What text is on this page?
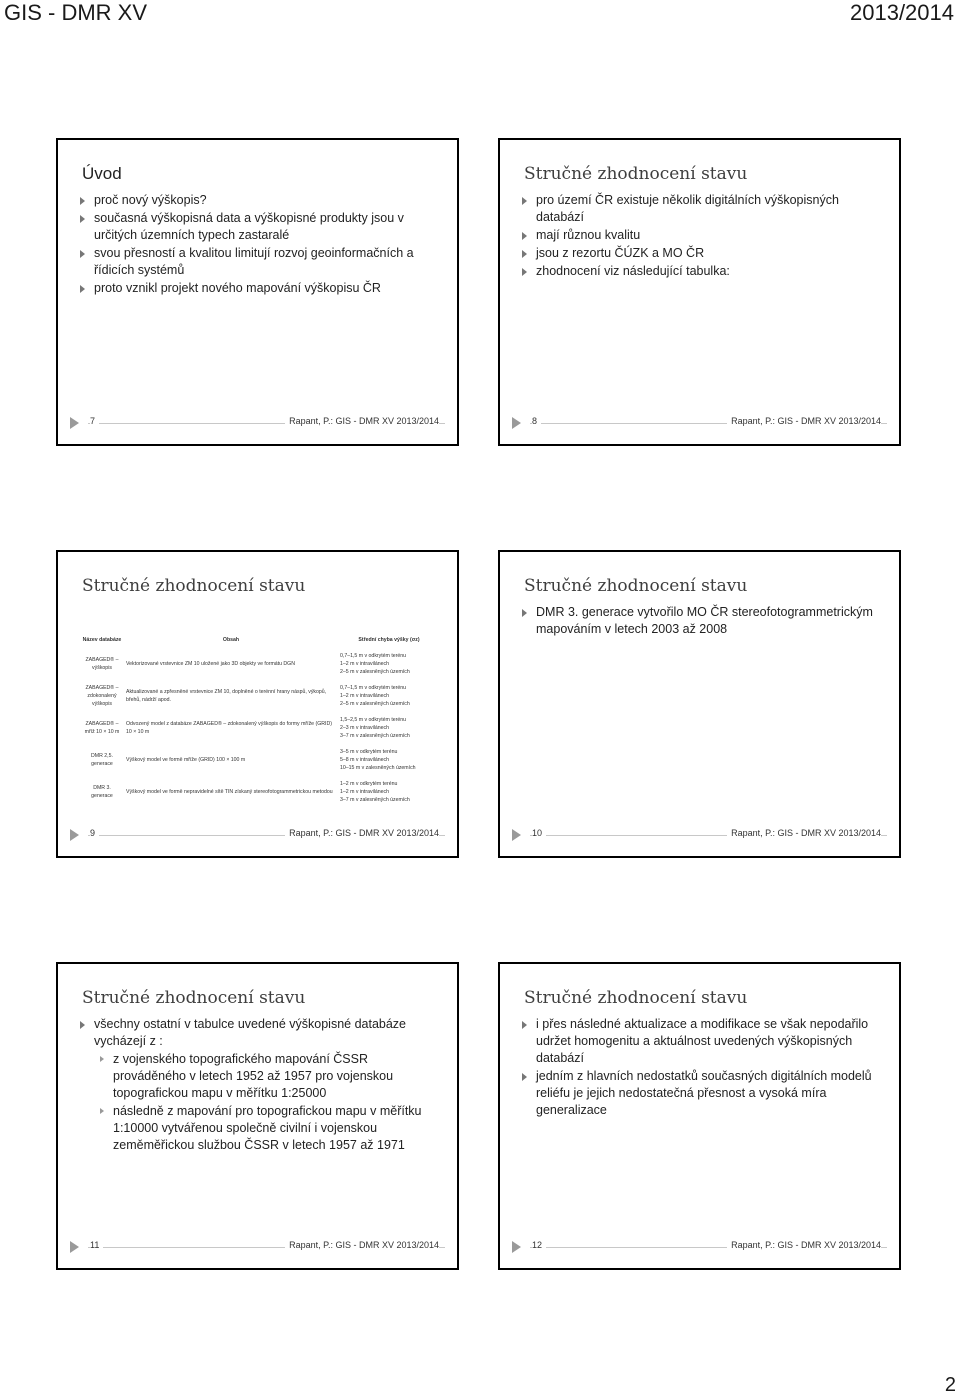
GIS - DMR XV	2013/2014
Úvod
proč nový výškopis?
současná výškopisná data a výškopisné produkty jsou v určitých územních typech zastaralé
svou přesností a kvalitou limitují rozvoj geoinformačních a řídicích systémů
proto vznikl projekt nového mapování výškopisu ČR
7	Rapant, P.: GIS - DMR XV 2013/2014
Stručné zhodnocení stavu
pro území ČR existuje několik digitálních výškopisných databází
mají různou kvalitu
jsou z rezortu ČÚZK a MO ČR
zhodnocení viz následující tabulka:
8	Rapant, P.: GIS - DMR XV 2013/2014
Stručné zhodnocení stavu
Název databáze	Obsah	Střední chyba výšky (σz)
ZABAGED® – výškopis	Vektorizované vrstevnice ZM 10 uložené jako 3D objekty ve formátu DGN	0,7–1,5 m v odkrytém terénu
1–2 m v intravilánech
2–5 m v zalesněných územích

ZABAGED® – zdokonalený výškopis	Aktualizované a zpřesněné vrstevnice ZM 10, doplněné o terénní hrany náspů, výkopů, břehů, nádrží apod.	0,7–1,5 m v odkrytém terénu
1–2 m v intravilánech
2–5 m v zalesněných územích

ZABAGED® – mříž 10 × 10 m	Odvozený model z databáze ZABAGED® – zdokonalený výškopis do formy mříže (GRID) 10 × 10 m	1,5–2,5 m v odkrytém terénu
2–3 m v intravilánech
3–7 m v zalesněných územích

DMR 2,5. generace	Výškový model ve formě mříže (GRID) 100 × 100 m	3–5 m v odkrytém terénu
5–8 m v intravilánech
10–15 m v zalesněných územích

DMR 3. generace	Výškový model ve formě nepravidelné sítě TIN získaný stereofotogrammetrickou metodou	1–2 m v odkrytém terénu
1–2 m v intravilánech
3–7 m v zalesněných územích
9	Rapant, P.: GIS - DMR XV 2013/2014
Stručné zhodnocení stavu
DMR 3. generace vytvořilo MO ČR stereofotogrammetrickým mapováním v letech 2003 až 2008
10	Rapant, P.: GIS - DMR XV 2013/2014
Stručné zhodnocení stavu
všechny ostatní v tabulce uvedené výškopisné databáze vycházejí z :
z vojenského topografického mapování ČSSR prováděného v letech 1952 až 1957 pro vojenskou topografickou mapu v měřítku 1:25000
následně z mapování pro topografickou mapu v měřítku 1:10000 vytvářenou společně civilní i vojenskou zeměměřickou službou ČSSR v letech 1957 až 1971
11	Rapant, P.: GIS - DMR XV 2013/2014
Stručné zhodnocení stavu
i přes následné aktualizace a modifikace se však nepodařilo udržet homogenitu a aktuálnost uvedených výškopisných databází
jedním z hlavních nedostatků současných digitálních modelů reliéfu je jejich nedostatečná přesnost a vysoká míra generalizace
12	Rapant, P.: GIS - DMR XV 2013/2014
2
